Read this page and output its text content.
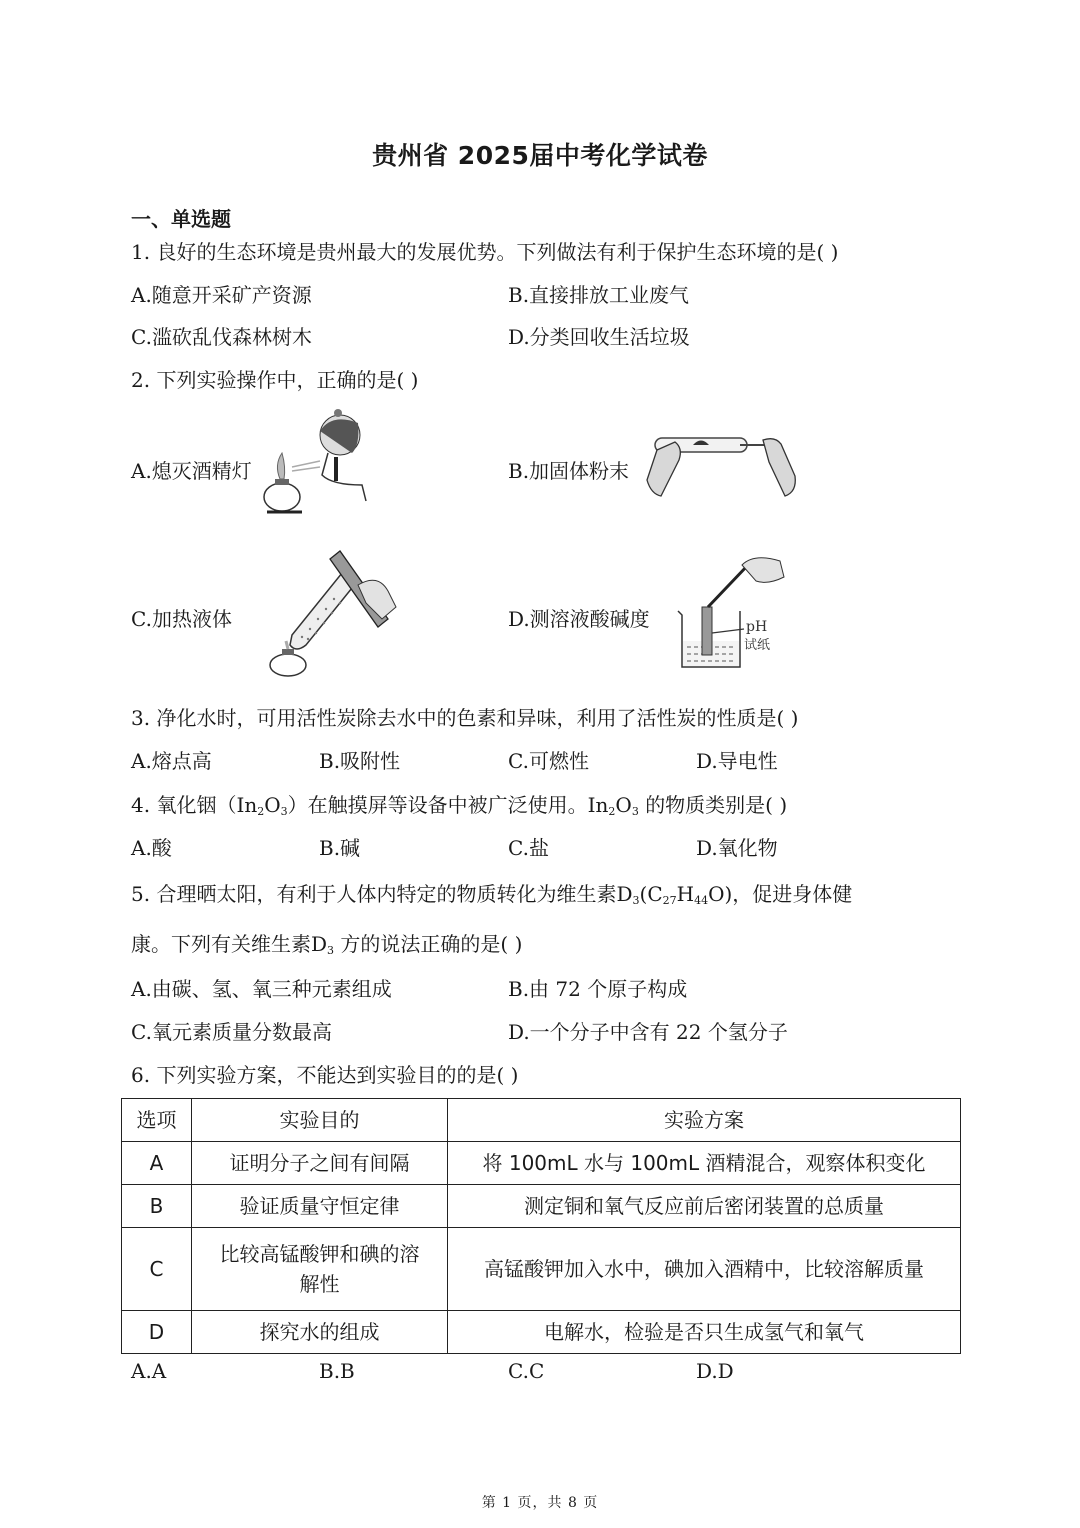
贵州省 2025届中考化学试卷
一、单选题
1. 良好的生态环境是贵州最大的发展优势。下列做法有利于保护生态环境的是( )
A.随意开采矿产资源	B.直接排放工业废气
C.滥砍乱伐森林树木	D.分类回收生活垃圾
2. 下列实验操作中，正确的是( )
A.熄灭酒精灯	B.加固体粉末
C.加热液体	D.测溶液酸碱度	pH
试纸
3. 净化水时，可用活性炭除去水中的色素和异味，利用了活性炭的性质是( )
A.熔点高	B.吸附性	C.可燃性	D.导电性
4. 氧化铟$(In_2O_3)$在触摸屏等设备中被广泛使用。$In_2O_3$ 的物质类别是( )
A.酸	B.碱	C.盐	D.氧化物
5. 合理晒太阳，有利于人体内特定的物质转化为维生素$D_3(C_{27}H_{44}O)$，促进身体健
康。下列有关维生素$D_3$ 方的说法正确的是( )
A.由碳、氢、氧三种元素组成	B.由 72 个原子构成
C.氧元素质量分数最高	D.一个分子中含有 22 个氢分子
6. 下列实验方案，不能达到实验目的的是( )
选项	实验目的	实验方案
A	证明分子之间有间隔	将 100mL 水与 100mL 酒精混合，观察体积变化
B	验证质量守恒定律	测定铜和氧气反应前后密闭装置的总质量
C	比较高锰酸钾和碘的溶解性	高锰酸钾加入水中，碘加入酒精中，比较溶解质量
D	探究水的组成	电解水，检验是否只生成氢气和氧气
A.A	B.B	C.C	D.D
第 1 页，共 8 页
